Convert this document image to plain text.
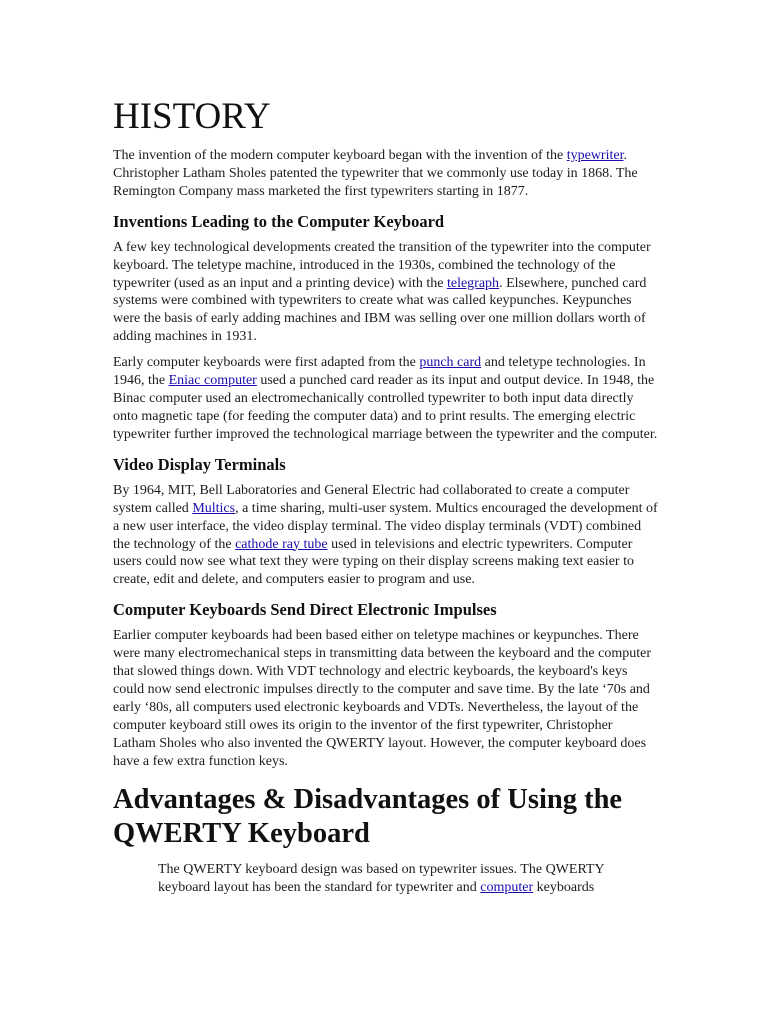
HISTORY

The invention of the modern computer keyboard began with the invention of the typewriter. Christopher Latham Sholes patented the typewriter that we commonly use today in 1868. The Remington Company mass marketed the first typewriters starting in 1877.

Inventions Leading to the Computer Keyboard

A few key technological developments created the transition of the typewriter into the computer keyboard. The teletype machine, introduced in the 1930s, combined the technology of the typewriter (used as an input and a printing device) with the telegraph. Elsewhere, punched card systems were combined with typewriters to create what was called keypunches. Keypunches were the basis of early adding machines and IBM was selling over one million dollars worth of adding machines in 1931.

Early computer keyboards were first adapted from the punch card and teletype technologies. In 1946, the Eniac computer used a punched card reader as its input and output device. In 1948, the Binac computer used an electromechanically controlled typewriter to both input data directly onto magnetic tape (for feeding the computer data) and to print results. The emerging electric typewriter further improved the technological marriage between the typewriter and the computer.

Video Display Terminals

By 1964, MIT, Bell Laboratories and General Electric had collaborated to create a computer system called Multics, a time sharing, multi-user system. Multics encouraged the development of a new user interface, the video display terminal. The video display terminals (VDT) combined the technology of the cathode ray tube used in televisions and electric typewriters. Computer users could now see what text they were typing on their display screens making text easier to create, edit and delete, and computers easier to program and use.

Computer Keyboards Send Direct Electronic Impulses

Earlier computer keyboards had been based either on teletype machines or keypunches. There were many electromechanical steps in transmitting data between the keyboard and the computer that slowed things down. With VDT technology and electric keyboards, the keyboard's keys could now send electronic impulses directly to the computer and save time. By the late ‘70s and early ‘80s, all computers used electronic keyboards and VDTs. Nevertheless, the layout of the computer keyboard still owes its origin to the inventor of the first typewriter, Christopher Latham Sholes who also invented the QWERTY layout. However, the computer keyboard does have a few extra function keys.

Advantages & Disadvantages of Using the QWERTY Keyboard

The QWERTY keyboard design was based on typewriter issues. The QWERTY keyboard layout has been the standard for typewriter and computer keyboards
